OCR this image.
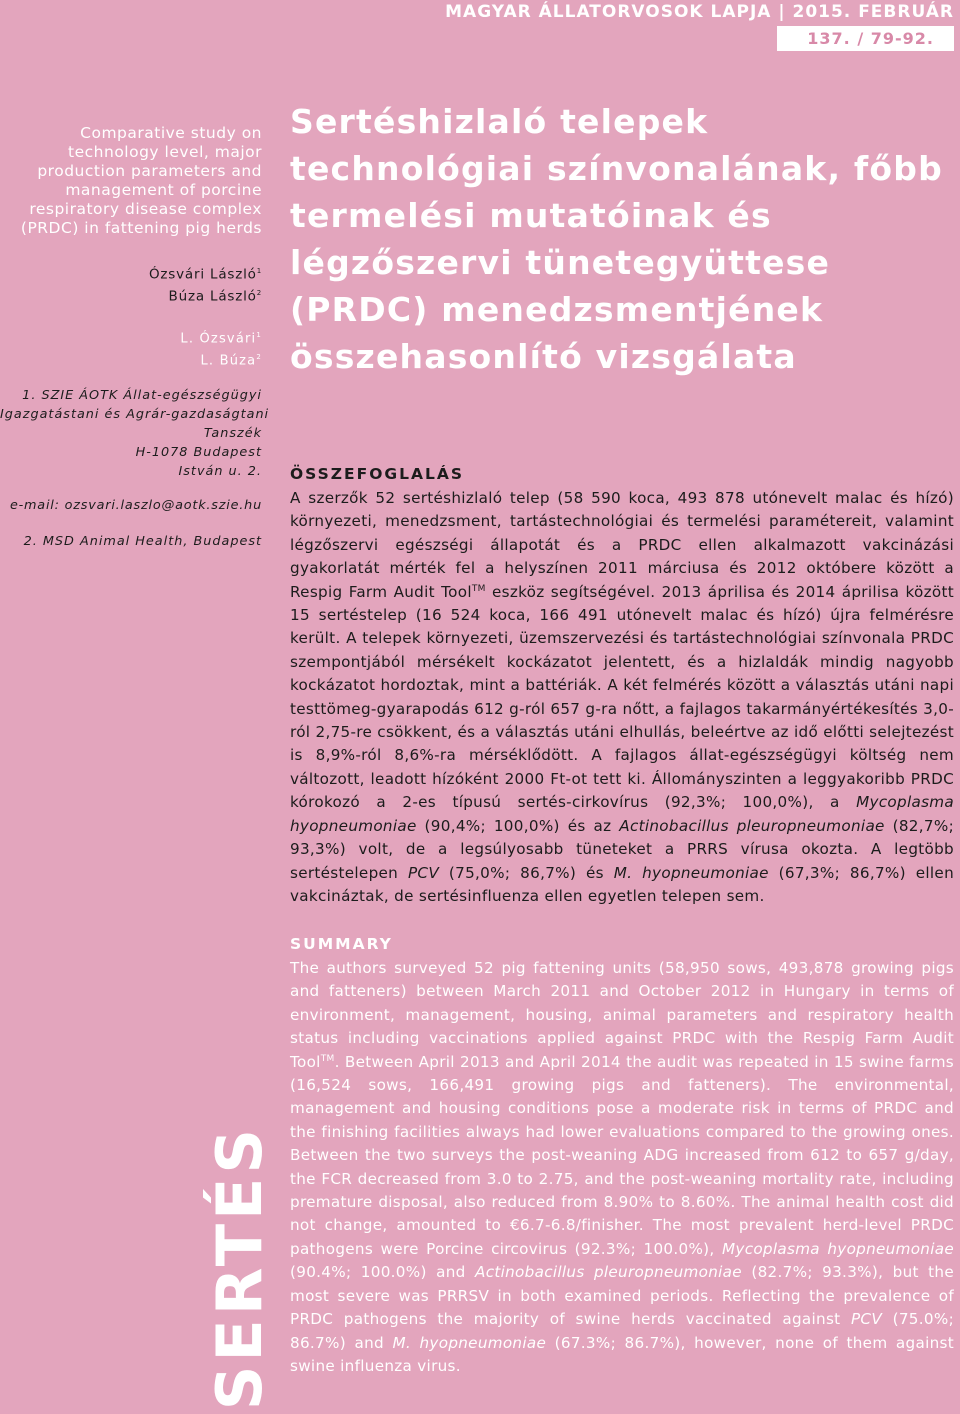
MAGYAR ÁLLATORVOSOK LAPJA | 2015. FEBRUÁR
137. / 79-92.

Comparative study on technology level, major production parameters and management of porcine respiratory disease complex (PRDC) in fattening pig herds

Ózsvári László$^1$
Búza László$^2$
L. Ózsvári$^1$
L. Búza$^2$
1. SZIE ÁOTK Állat-egészségügyi
Igazgatástani és Agrár-gazdaságtani
Tanszék
H-1078 Budapest
István u. 2.
e-mail: ozsvari.laszlo@aotk.szie.hu
2. MSD Animal Health, Budapest
Sertéshizlaló telepek technológiai színvonalának, főbb termelési mutatóinak és légzőszervi tünetegyüttese (PRDC) menedzsmentjének összehasonlító vizsgálata
ÖSSZEFOGLALÁS

A szerzők 52 sertéshizlaló telep (58 590 koca, 493 878 utónevelt malac és hízó) környezeti, menedzsment, tartástechnológiai és termelési paramétereit, valamint légzőszervi egészségi állapotát és a PRDC ellen alkalmazott vakcinázási gyakorlatát mérték fel a helyszínen 2011 márciusa és 2012 októbere között a Respig Farm Audit Tool™ eszköz segítségével. 2013 áprilisa és 2014 áprilisa között 15 sertéstelep (16 524 koca, 166 491 utónevelt malac és hízó) újra felmérésre került. A telepek környezeti, üzemszervezési és tartástechnológiai színvonala PRDC szempontjából mérsékelt kockázatot jelentett, és a hizlaldák mindig nagyobb kockázatot hordoztak, mint a battériák. A két felmérés között a választás utáni napi testtömeg-gyarapodás 612 g-ról 657 g-ra nőtt, a fajlagos takarmányértékesítés 3,0-ról 2,75-re csökkent, és a választás utáni elhullás, beleértve az idő előtti selejtezést is 8,9%-ról 8,6%-ra mérséklődött. A fajlagos állat-egészségügyi költség nem változott, leadott hízóként 2000 Ft-ot tett ki. Állományszinten a leggyakoribb PRDC kórokozó a 2-es típusú sertés-cirkovírus (92,3%; 100,0%), a Mycoplasma hyopneumoniae (90,4%; 100,0%) és az Actinobacillus pleuropneumoniae (82,7%; 93,3%) volt, de a legsúlyosabb tüneteket a PRRS vírusa okozta. A legtöbb sertéstelepen PCV (75,0%; 86,7%) és M. hyopneumoniae (67,3%; 86,7%) ellen vakcináztak, de sertésinfluenza ellen egyetlen telepen sem.

SUMMARY

The authors surveyed 52 pig fattening units (58,950 sows, 493,878 growing pigs and fatteners) between March 2011 and October 2012 in Hungary in terms of environment, management, housing, animal parameters and respiratory health status including vaccinations applied against PRDC with the Respig Farm Audit Tool™. Between April 2013 and April 2014 the audit was repeated in 15 swine farms (16,524 sows, 166,491 growing pigs and fatteners). The environmental, management and housing conditions pose a moderate risk in terms of PRDC and the finishing facilities always had lower evaluations compared to the growing ones. Between the two surveys the post-weaning ADG increased from 612 to 657 g/day, the FCR decreased from 3.0 to 2.75, and the post-weaning mortality rate, including premature disposal, also reduced from 8.90% to 8.60%. The animal health cost did not change, amounted to €6.7-6.8/finisher. The most prevalent herd-level PRDC pathogens were Porcine circovirus (92.3%; 100.0%), Mycoplasma hyopneumoniae (90.4%; 100.0%) and Actinobacillus pleuropneumoniae (82.7%; 93.3%), but the most severe was PRRSV in both examined periods. Reflecting the prevalence of PRDC pathogens the majority of swine herds vaccinated against PCV (75.0%; 86.7%) and M. hyopneumoniae (67.3%; 86.7%), however, none of them against swine influenza virus.

SERTÉS
